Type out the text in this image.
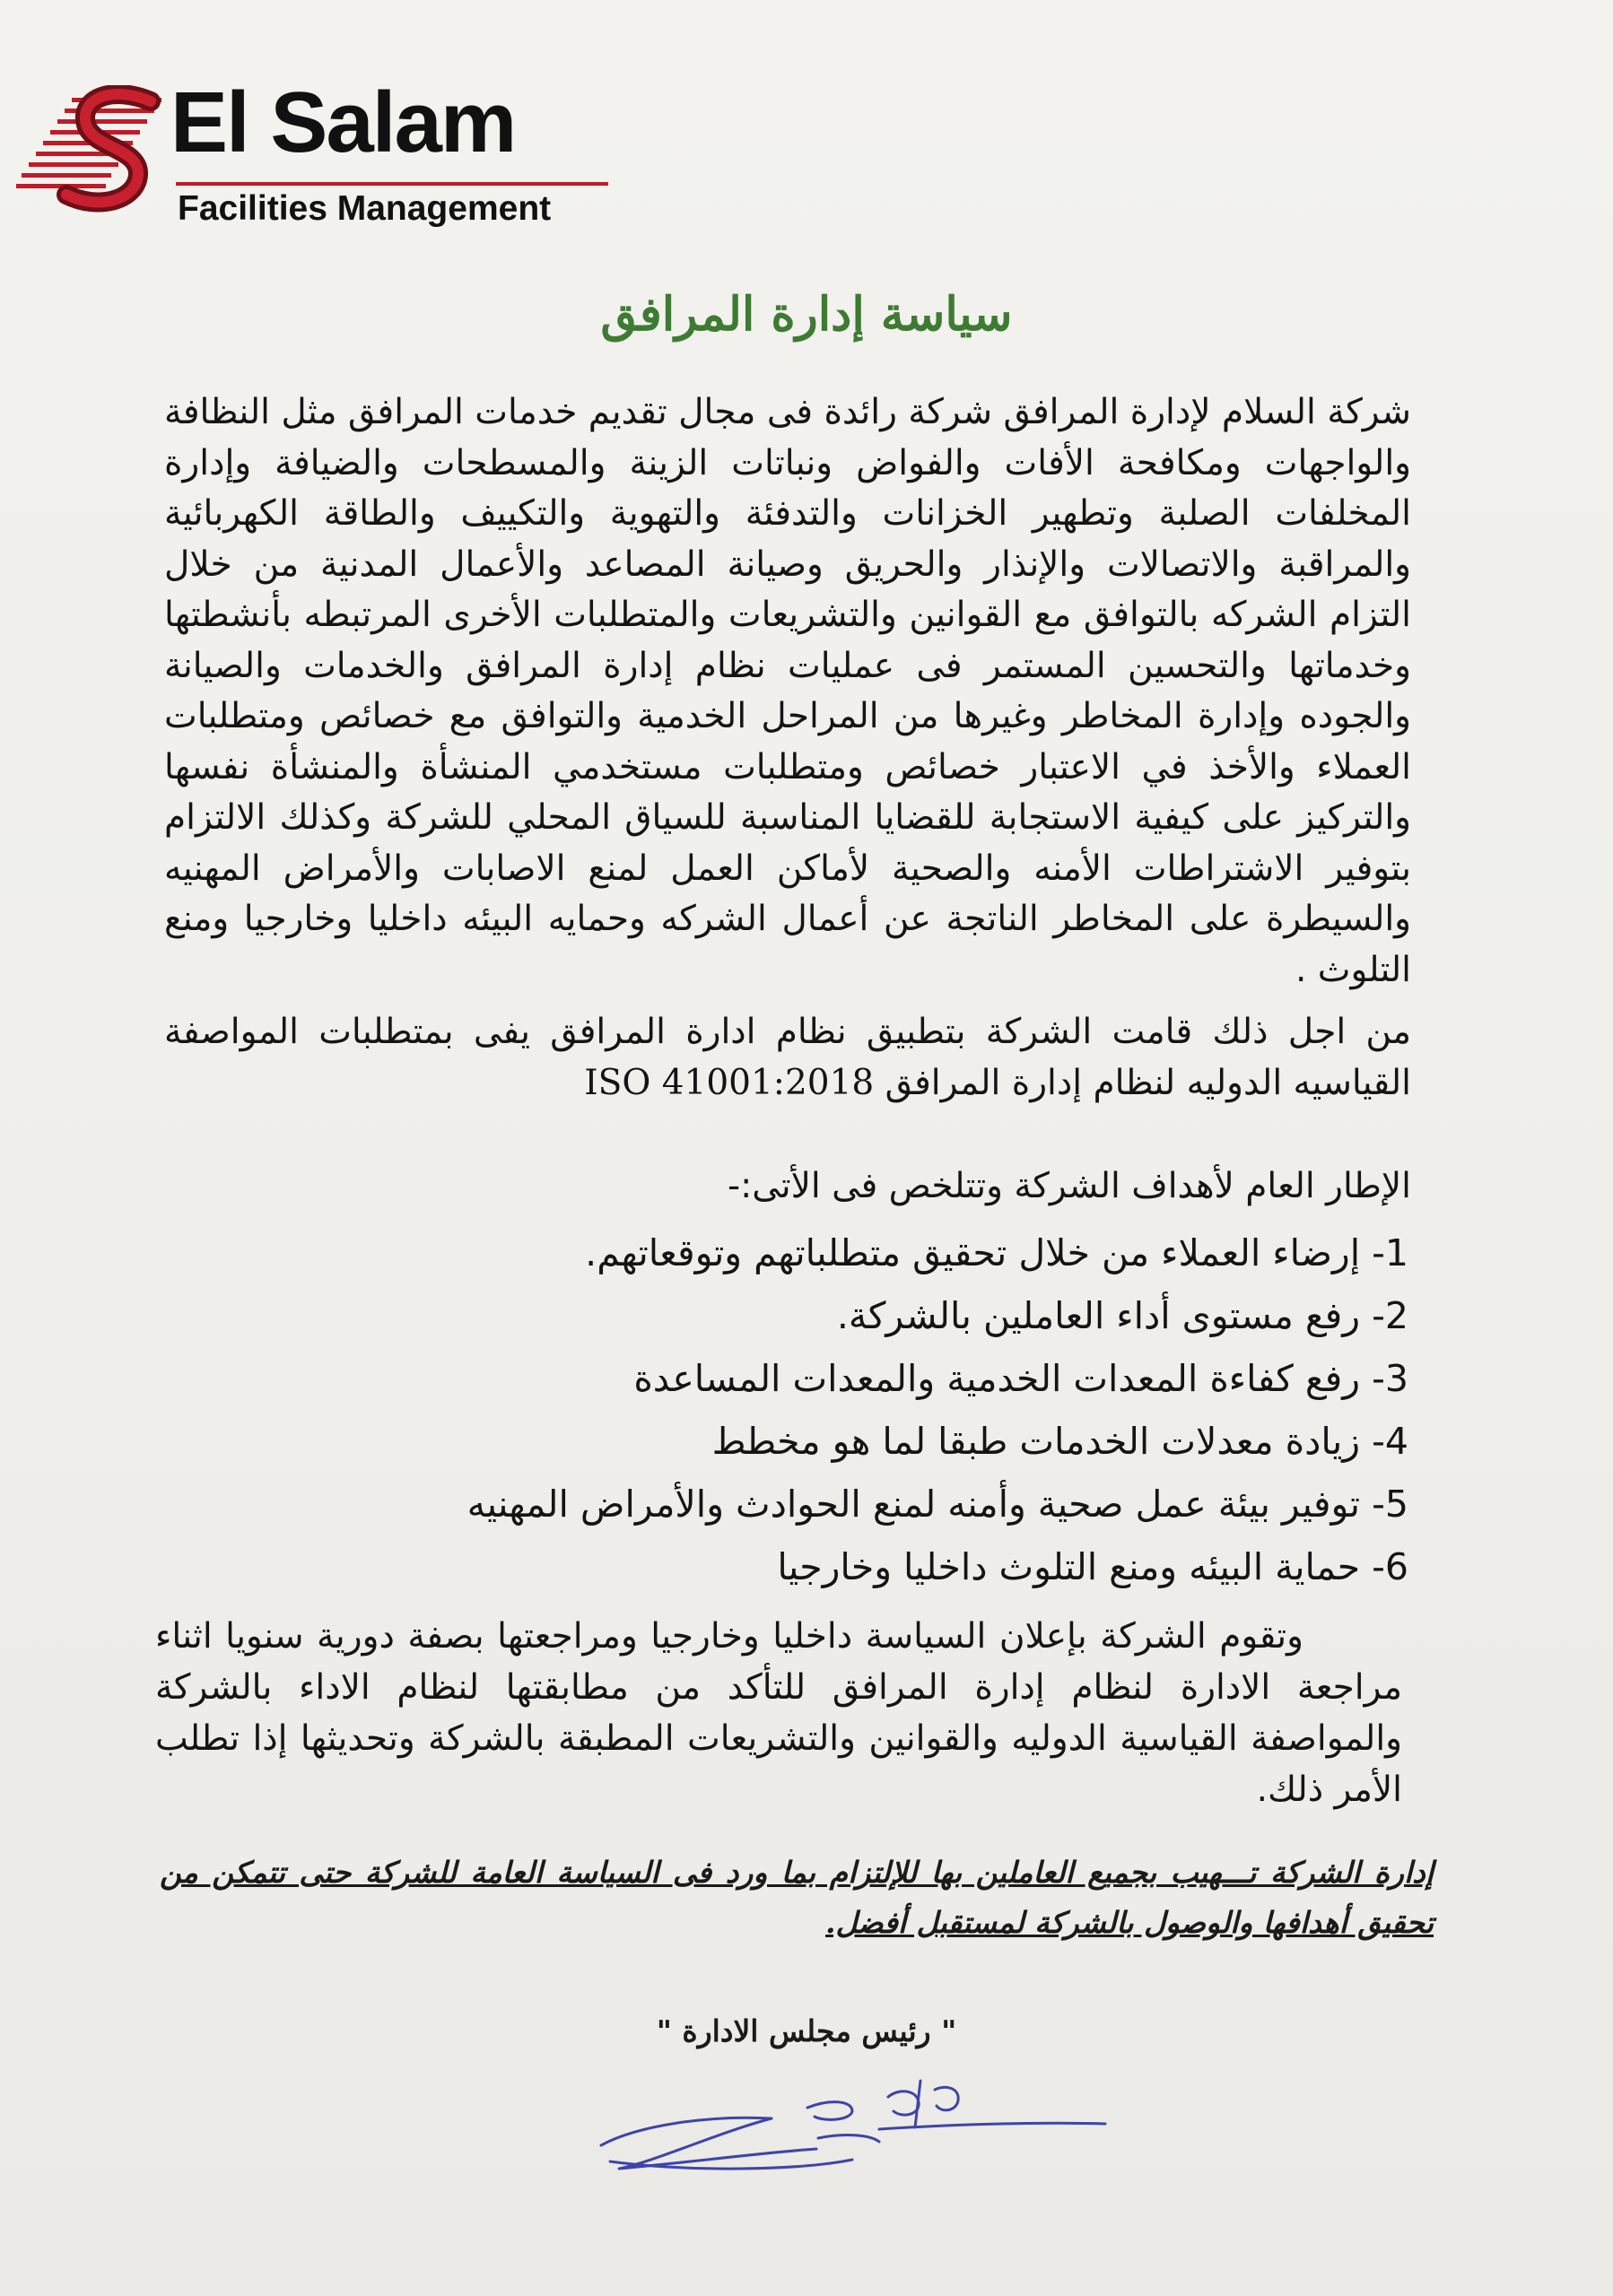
El Salam
Facilities Management
سياسة إدارة المرافق

شركة السلام لإدارة المرافق شركة رائدة فى مجال تقديم خدمات المرافق مثل النظافة والواجهات ومكافحة الأفات والفواض ونباتات الزينة والمسطحات والضيافة وإدارة المخلفات الصلبة وتطهير الخزانات والتدفئة والتهوية والتكييف والطاقة الكهربائية والمراقبة والاتصالات والإنذار والحريق وصيانة المصاعد والأعمال المدنية من خلال التزام الشركه بالتوافق مع القوانين والتشريعات والمتطلبات الأخرى المرتبطه بأنشطتها وخدماتها والتحسين المستمر فى عمليات نظام إدارة المرافق والخدمات والصيانة والجوده وإدارة المخاطر وغيرها من المراحل الخدمية والتوافق مع خصائص ومتطلبات العملاء والأخذ في الاعتبار خصائص ومتطلبات مستخدمي المنشأة والمنشأة نفسها والتركيز على كيفية الاستجابة للقضايا المناسبة للسياق المحلي للشركة وكذلك الالتزام بتوفير الاشتراطات الأمنه والصحية لأماكن العمل لمنع الاصابات والأمراض المهنيه والسيطرة على المخاطر الناتجة عن أعمال الشركه وحمايه البيئه داخليا وخارجيا ومنع التلوث .

من اجل ذلك قامت الشركة بتطبيق نظام ادارة المرافق يفى بمتطلبات المواصفة القياسيه الدوليه لنظام إدارة المرافق ISO 41001:2018

الإطار العام لأهداف الشركة وتتلخص فى الأتى:-
1- إرضاء العملاء من خلال تحقيق متطلباتهم وتوقعاتهم.
2- رفع مستوى أداء العاملين بالشركة.
3- رفع كفاءة المعدات الخدمية والمعدات المساعدة
4- زيادة معدلات الخدمات طبقا لما هو مخطط
5- توفير بيئة عمل صحية وأمنه لمنع الحوادث والأمراض المهنيه
6- حماية البيئه ومنع التلوث داخليا وخارجيا

وتقوم الشركة بإعلان السياسة داخليا وخارجيا ومراجعتها بصفة دورية سنويا اثناء مراجعة الادارة لنظام إدارة المرافق للتأكد من مطابقتها لنظام الاداء بالشركة والمواصفة القياسية الدوليه والقوانين والتشريعات المطبقة بالشركة وتحديثها إذا تطلب الأمر ذلك.

إدارة الشركة تـــهيب بجميع العاملين بها للإلتزام بما ورد فى السياسة العامة للشركة حتى تتمكن من تحقيق أهدافها والوصول بالشركة لمستقبل أفضل.

" رئيس مجلس الادارة "
